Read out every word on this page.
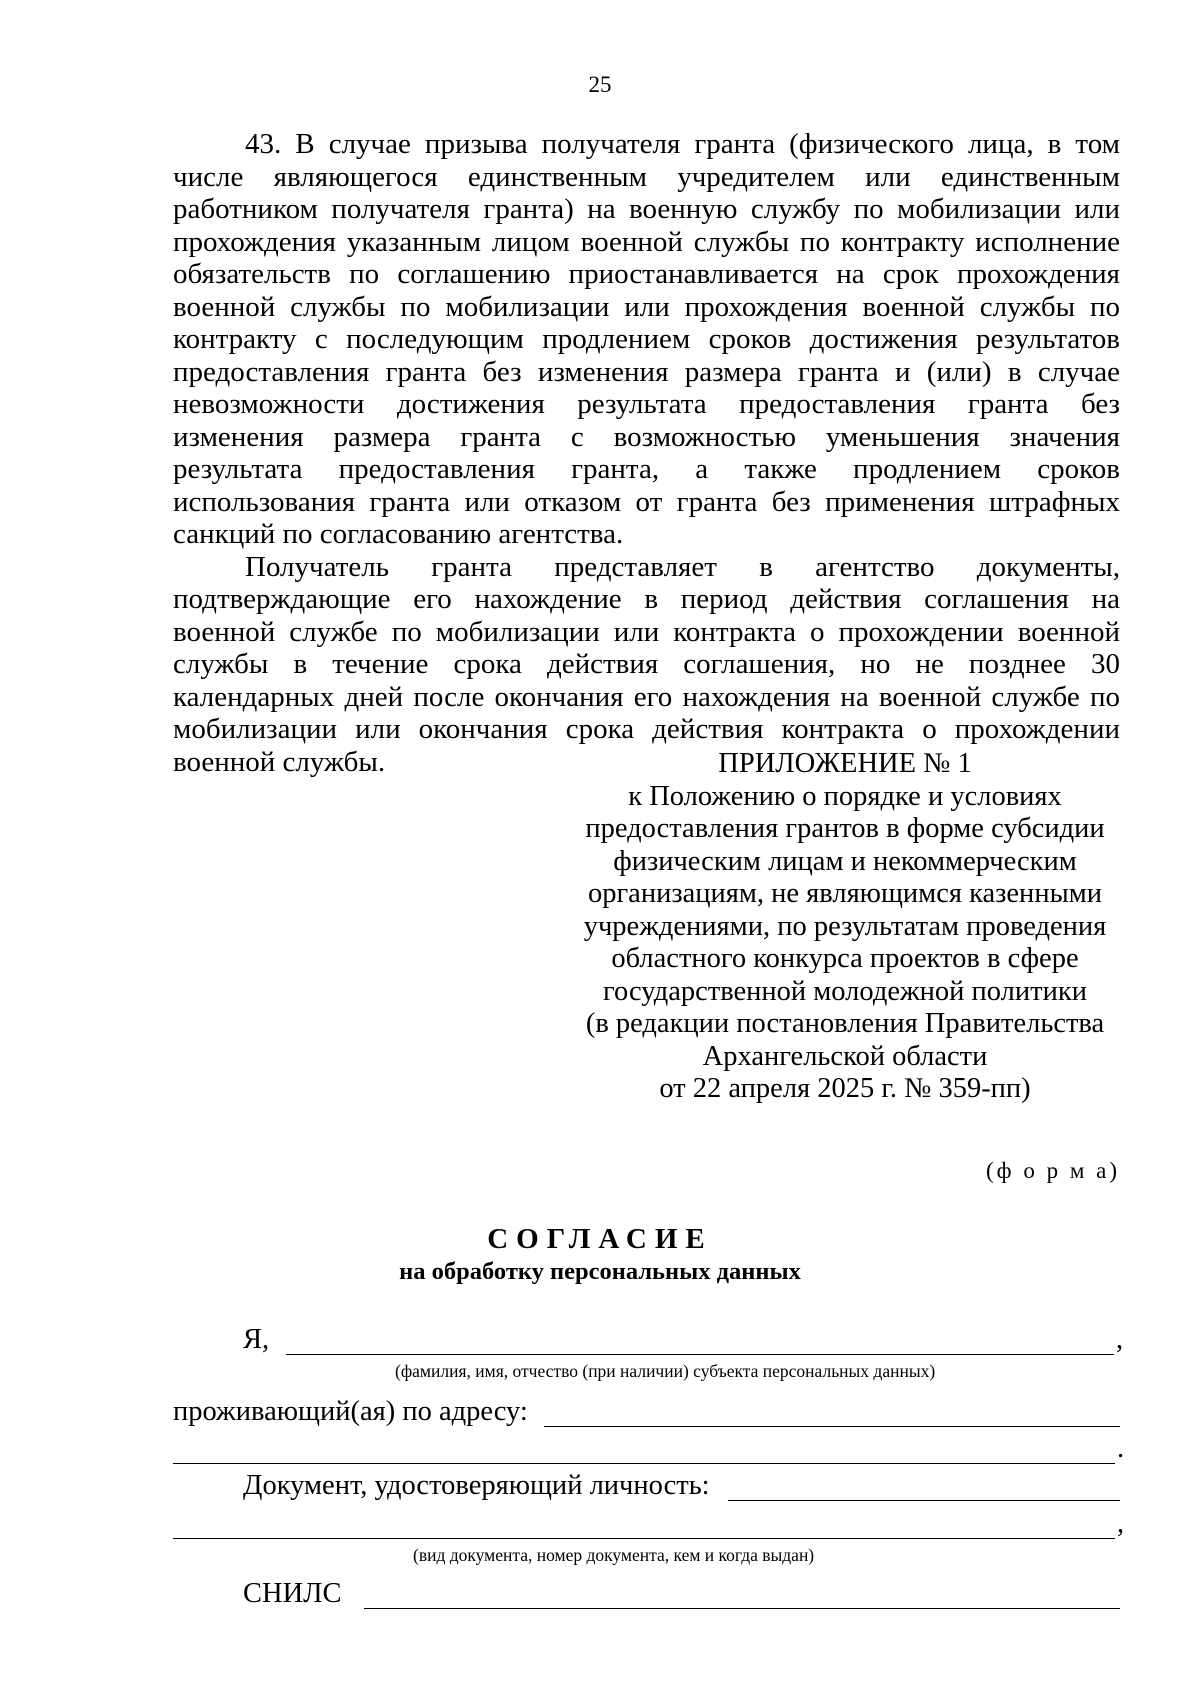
25

43. В случае призыва получателя гранта (физического лица, в том числе являющегося единственным учредителем или единственным работником получателя гранта) на военную службу по мобилизации или прохождения указанным лицом военной службы по контракту исполнение обязательств по соглашению приостанавливается на срок прохождения военной службы по мобилизации или прохождения военной службы по контракту с последующим продлением сроков достижения результатов предоставления гранта без изменения размера гранта и (или) в случае невозможности достижения результата предоставления гранта без изменения размера гранта с возможностью уменьшения значения результата предоставления гранта, а также продлением сроков использования гранта или отказом от гранта без применения штрафных санкций по согласованию агентства.

Получатель гранта представляет в агентство документы, подтверждающие его нахождение в период действия соглашения на военной службе по мобилизации или контракта о прохождении военной службы в течение срока действия соглашения, но не позднее 30 календарных дней после окончания его нахождения на военной службе по мобилизации или окончания срока действия контракта о прохождении военной службы.	ПРИЛОЖЕНИЕ № 1
к Положению о порядке и условиях
предоставления грантов в форме субсидии
физическим лицам и некоммерческим
организациям, не являющимся казенными
учреждениями, по результатам проведения
областного конкурса проектов в сфере
государственной молодежной политики
(в редакции постановления Правительства
Архангельской области
от 22 апреля 2025 г. № 359-пп)
(ф о р м а)
СОГЛАСИЕ
на обработку персональных данных
Я,	,
(фамилия, имя, отчество (при наличии) субъекта персональных данных)
проживающий(ая) по адресу:
.
Документ, удостоверяющий личность:
,
(вид документа, номер документа, кем и когда выдан)
СНИЛС
